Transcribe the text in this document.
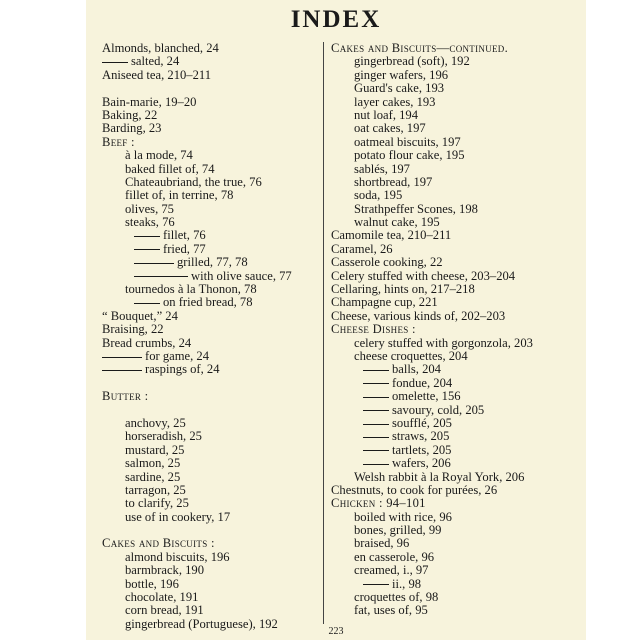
INDEX
Almonds, blanched, 24
salted, 24
Aniseed tea, 210–211
Bain-marie, 19–20
Baking, 22
Barding, 23
Beef :
à la mode, 74
baked fillet of, 74
Chateaubriand, the true, 76
fillet of, in terrine, 78
olives, 75
steaks, 76
fillet, 76
fried, 77
grilled, 77, 78
with olive sauce, 77
tournedos à la Thonon, 78
on fried bread, 78
“ Bouquet,” 24
Braising, 22
Bread crumbs, 24
for game, 24
raspings of, 24
Butter :
anchovy, 25
horseradish, 25
mustard, 25
salmon, 25
sardine, 25
tarragon, 25
to clarify, 25
use of in cookery, 17
Cakes and Biscuits :
almond biscuits, 196
barmbrack, 190
bottle, 196
chocolate, 191
corn bread, 191
gingerbread (Portuguese), 192
Cakes and Biscuits—continued.
gingerbread (soft), 192
ginger wafers, 196
Guard's cake, 193
layer cakes, 193
nut loaf, 194
oat cakes, 197
oatmeal biscuits, 197
potato flour cake, 195
sablés, 197
shortbread, 197
soda, 195
Strathpeffer Scones, 198
walnut cake, 195
Camomile tea, 210–211
Caramel, 26
Casserole cooking, 22
Celery stuffed with cheese, 203–204
Cellaring, hints on, 217–218
Champagne cup, 221
Cheese, various kinds of, 202–203
Cheese Dishes :
celery stuffed with gorgonzola, 203
cheese croquettes, 204
balls, 204
fondue, 204
omelette, 156
savoury, cold, 205
soufflé, 205
straws, 205
tartlets, 205
wafers, 206
Welsh rabbit à la Royal York, 206
Chestnuts, to cook for purées, 26
Chicken : 94–101
boiled with rice, 96
bones, grilled, 99
braised, 96
en casserole, 96
creamed, i., 97
ii., 98
croquettes of, 98
fat, uses of, 95
223
